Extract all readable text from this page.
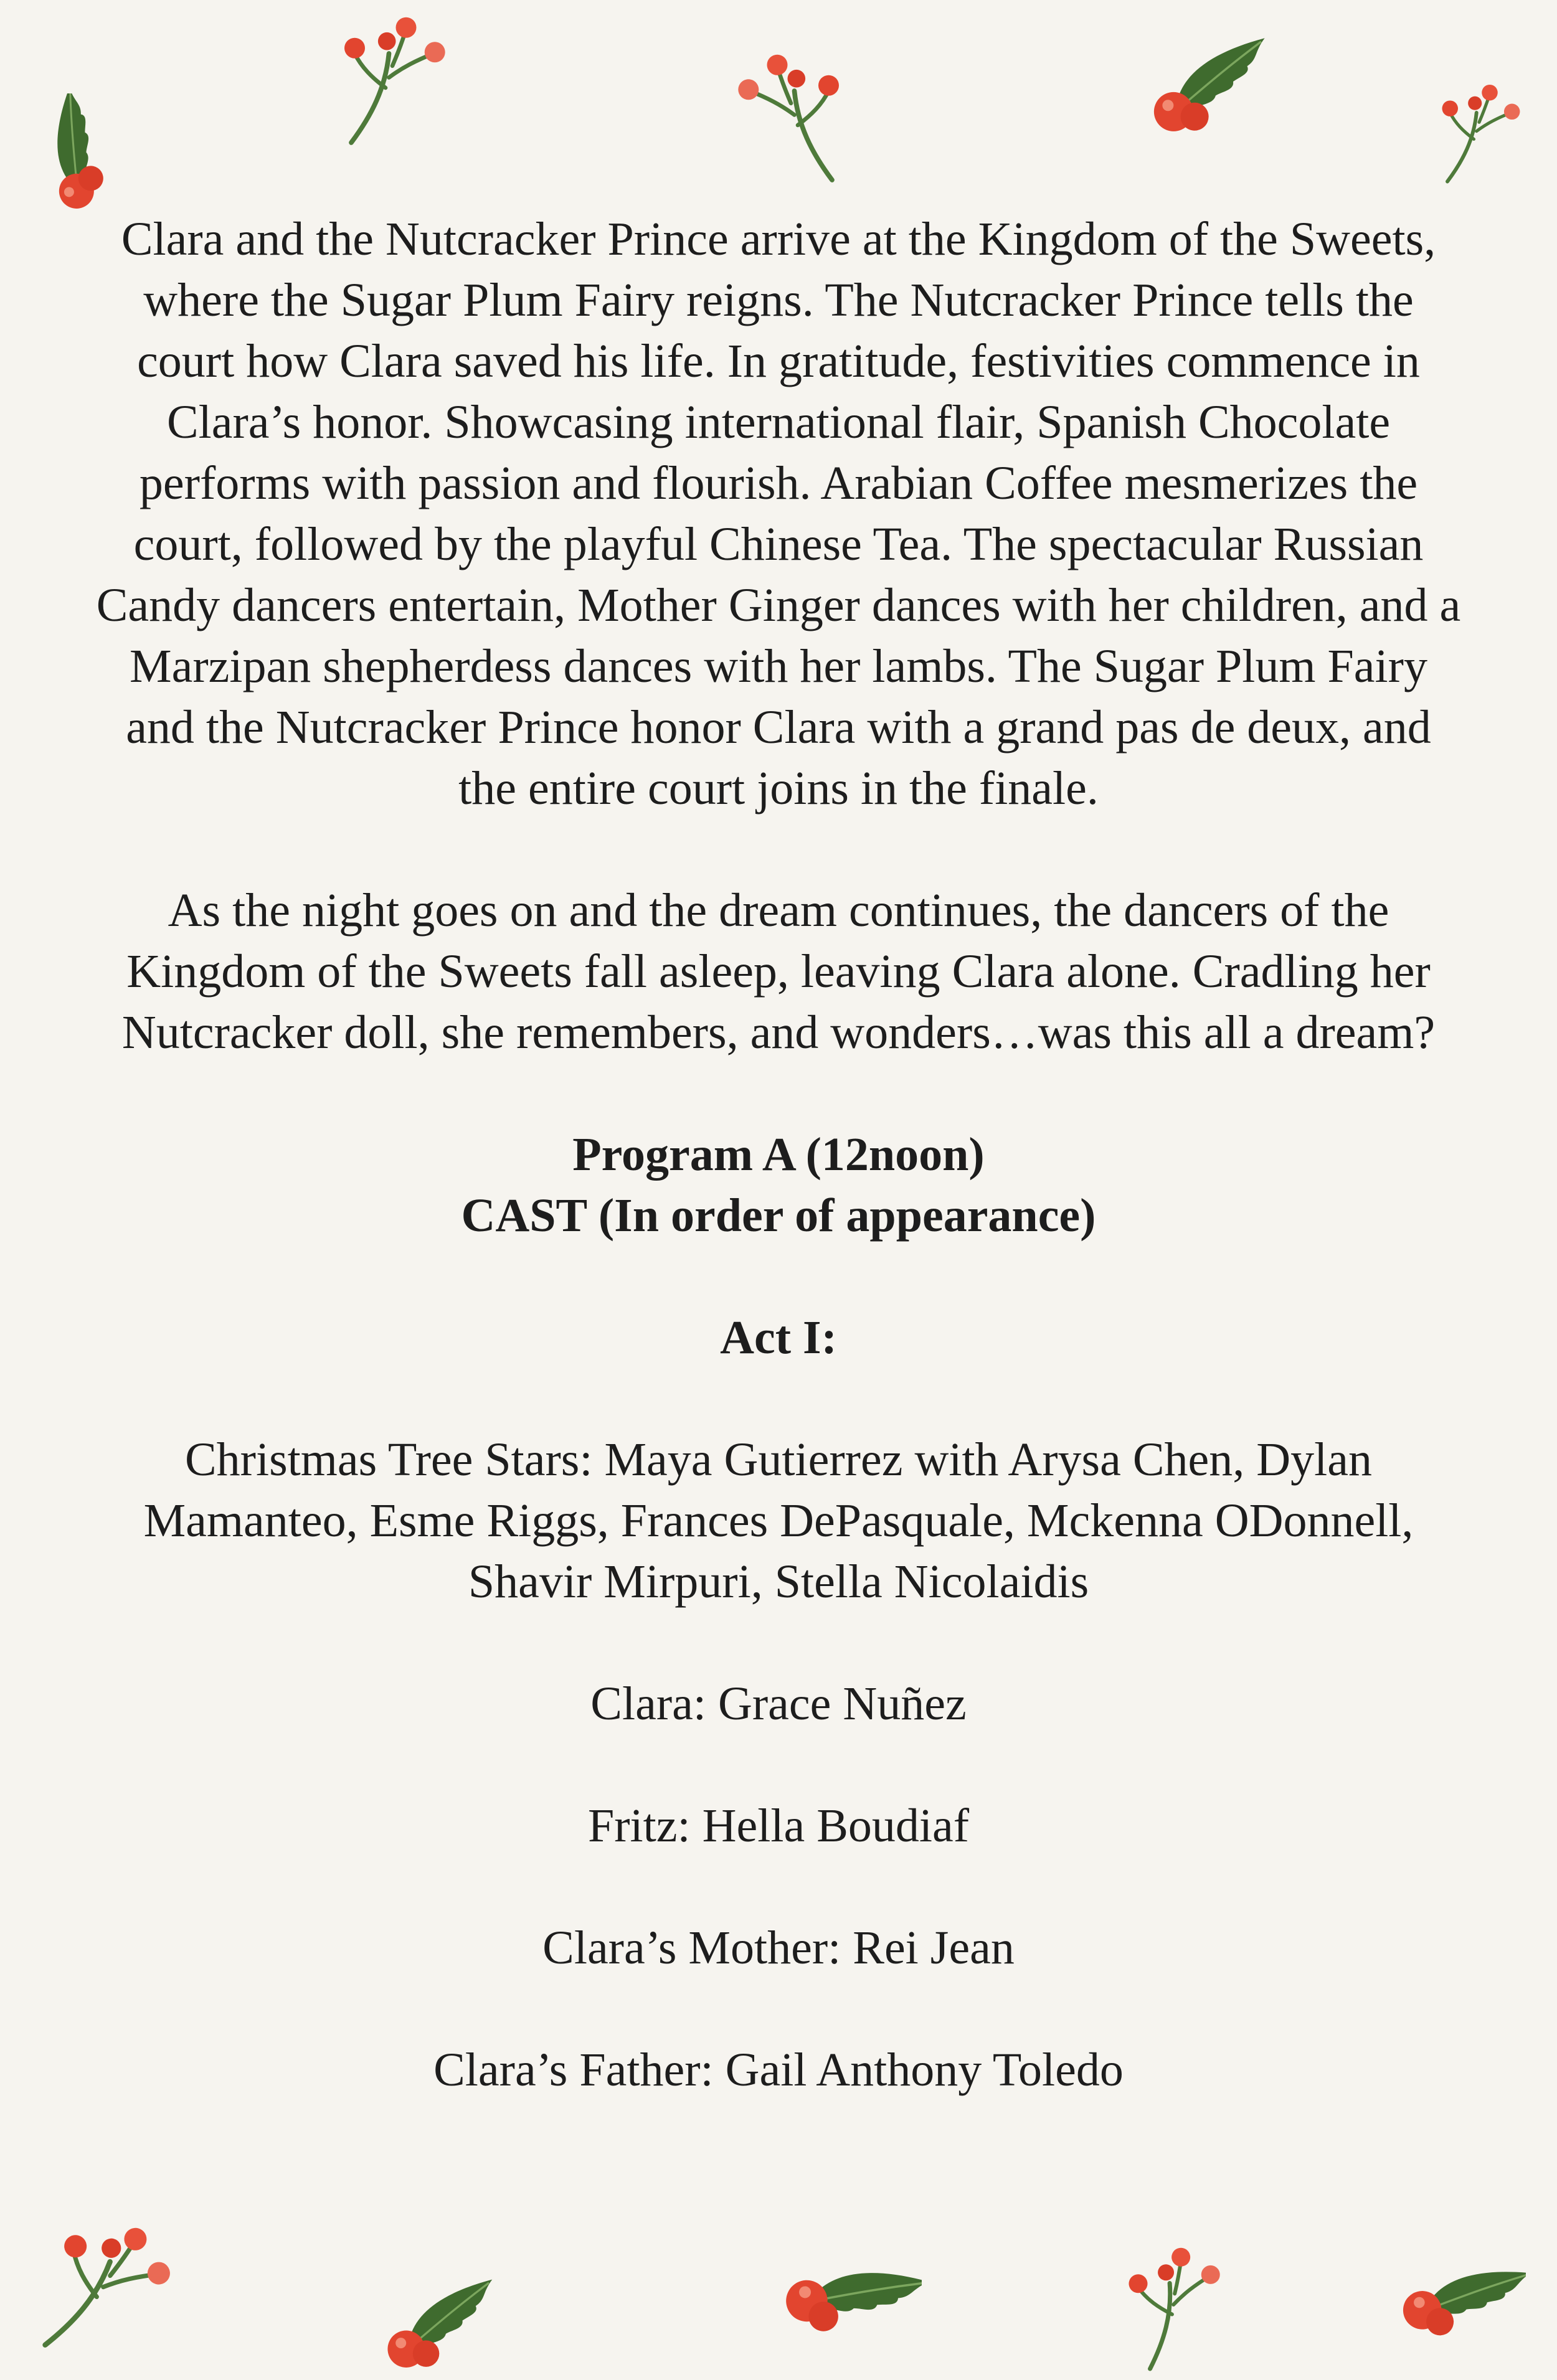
Clara and the Nutcracker Prince arrive at the Kingdom of the Sweets, where the Sugar Plum Fairy reigns. The Nutcracker Prince tells the court how Clara saved his life. In gratitude, festivities commence in Clara’s honor. Showcasing international flair, Spanish Chocolate performs with passion and flourish. Arabian Coffee mesmerizes the court, followed by the playful Chinese Tea. The spectacular Russian Candy dancers entertain, Mother Ginger dances with her children, and a Marzipan shepherdess dances with her lambs. The Sugar Plum Fairy and the Nutcracker Prince honor Clara with a grand pas de deux, and the entire court joins in the finale.

As the night goes on and the dream continues, the dancers of the Kingdom of the Sweets fall asleep, leaving Clara alone. Cradling her Nutcracker doll, she remembers, and wonders…was this all a dream?

Program A (12noon)

CAST (In order of appearance)

Act I:

Christmas Tree Stars: Maya Gutierrez with Arysa Chen, Dylan Mamanteo, Esme Riggs, Frances DePasquale, Mckenna ODonnell, Shavir Mirpuri, Stella Nicolaidis

Clara: Grace Nuñez

Fritz: Hella Boudiaf

Clara’s Mother: Rei Jean

Clara’s Father: Gail Anthony Toledo
